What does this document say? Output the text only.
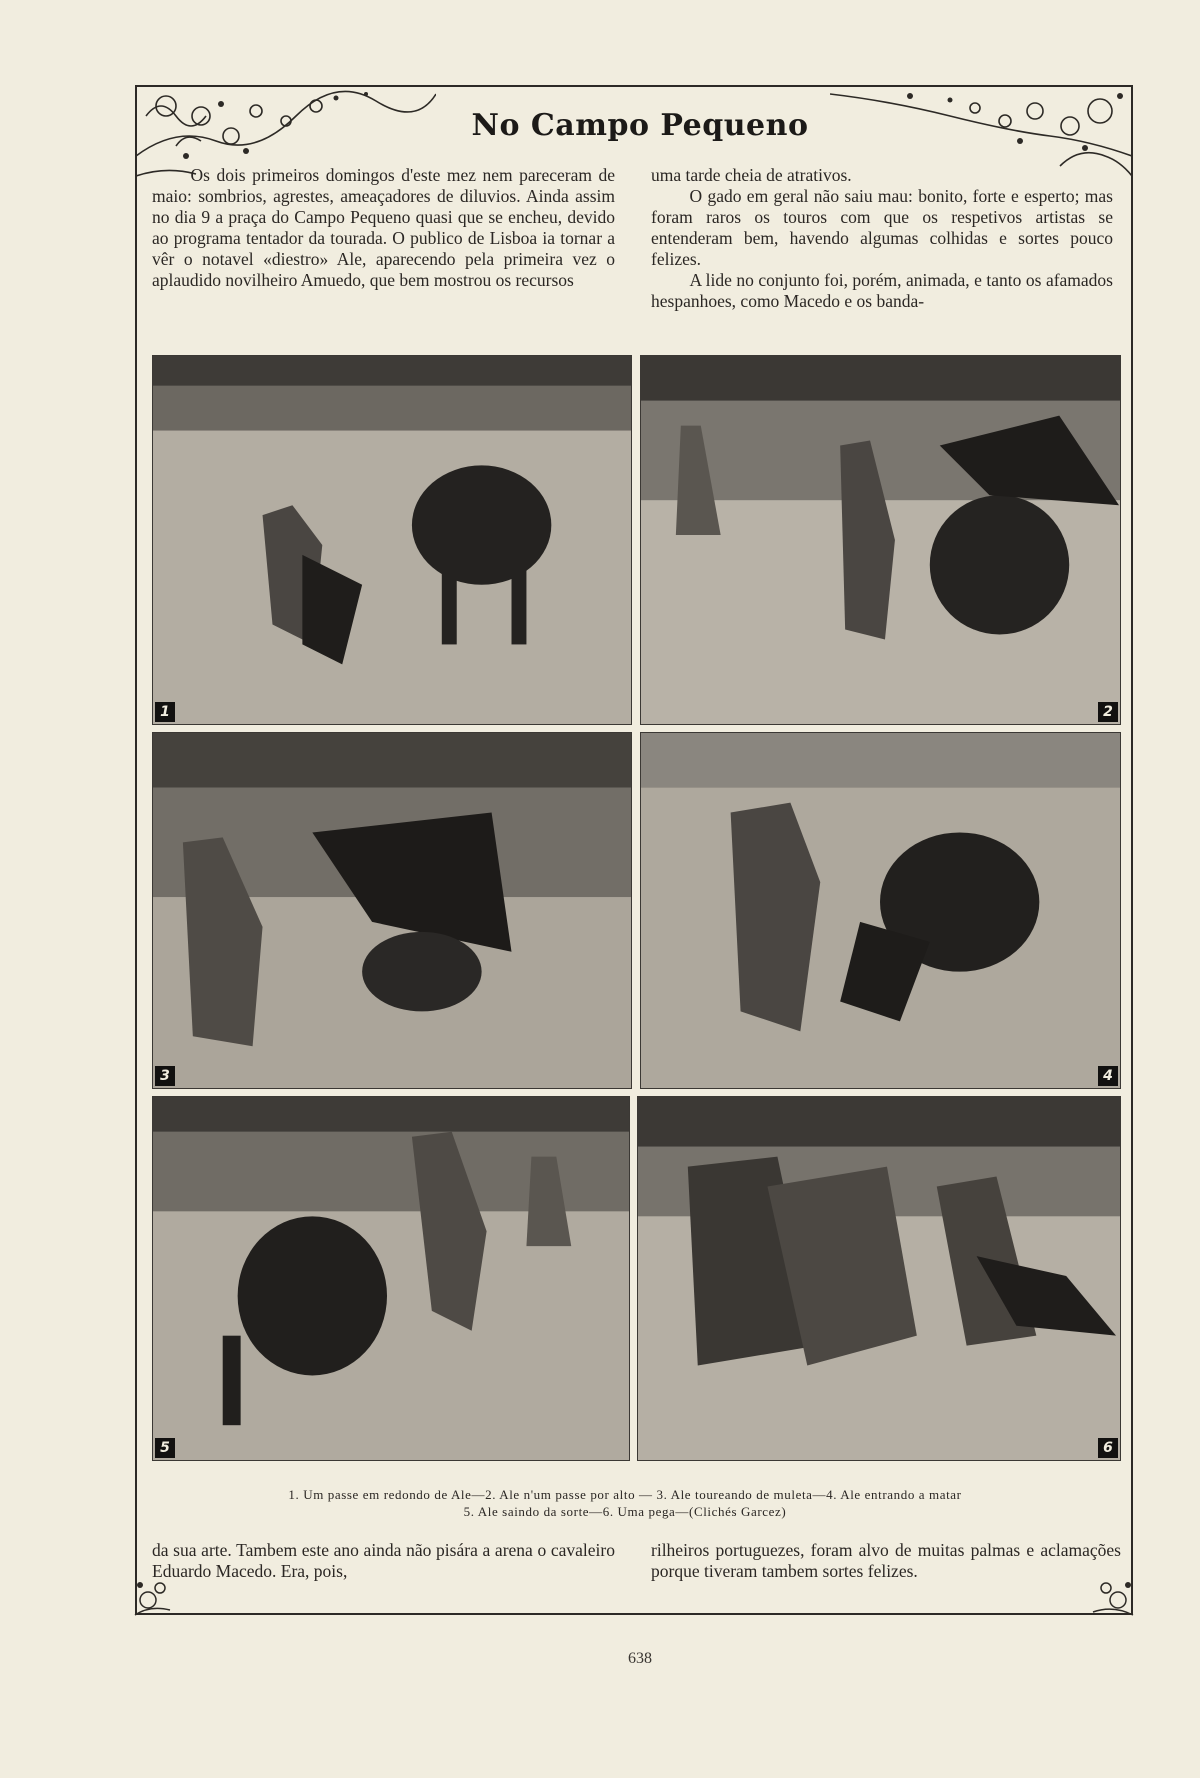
No Campo Pequeno

Os dois primeiros domingos d'este mez nem pareceram de maio: sombrios, agrestes, ameaçadores de diluvios. Ainda assim no dia 9 a praça do Campo Pequeno quasi que se encheu, devido ao programa tentador da tourada. O publico de Lisboa ia tornar a vêr o notavel «diestro» Ale, aparecendo pela primeira vez o aplaudido novilheiro Amuedo, que bem mostrou os recursos

uma tarde cheia de atrativos.

O gado em geral não saiu mau: bonito, forte e esperto; mas foram raros os touros com que os respetivos artistas se entenderam bem, havendo algumas colhidas e sortes pouco felizes.

A lide no conjunto foi, porém, animada, e tanto os afamados hespanhoes, como Macedo e os banda-

1	2
3	4
5	6
1. Um passe em redondo de Ale—2. Ale n'um passe por alto — 3. Ale toureando de muleta—4. Ale entrando a matar
5. Ale saindo da sorte—6. Uma pega—(Clichés Garcez)

da sua arte. Tambem este ano ainda não pisára a arena o cavaleiro Eduardo Macedo. Era, pois,

rilheiros portuguezes, foram alvo de muitas palmas e aclamações porque tiveram tambem sortes felizes.

638
